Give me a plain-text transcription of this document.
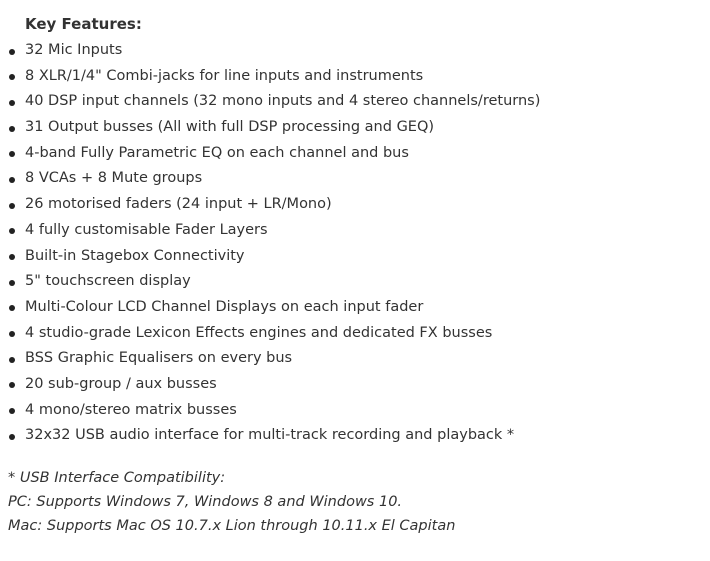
Key Features:
32 Mic Inputs
8 XLR/1/4" Combi-jacks for line inputs and instruments
40 DSP input channels (32 mono inputs and 4 stereo channels/returns)
31 Output busses (All with full DSP processing and GEQ)
4-band Fully Parametric EQ on each channel and bus
8 VCAs + 8 Mute groups
26 motorised faders (24 input + LR/Mono)
4 fully customisable Fader Layers
Built-in Stagebox Connectivity
5" touchscreen display
Multi-Colour LCD Channel Displays on each input fader
4 studio-grade Lexicon Effects engines and dedicated FX busses
BSS Graphic Equalisers on every bus
20 sub-group / aux busses
4 mono/stereo matrix busses
32x32 USB audio interface for multi-track recording and playback *
* USB Interface Compatibility:
PC: Supports Windows 7, Windows 8 and Windows 10.
Mac: Supports Mac OS 10.7.x Lion through 10.11.x El Capitan
